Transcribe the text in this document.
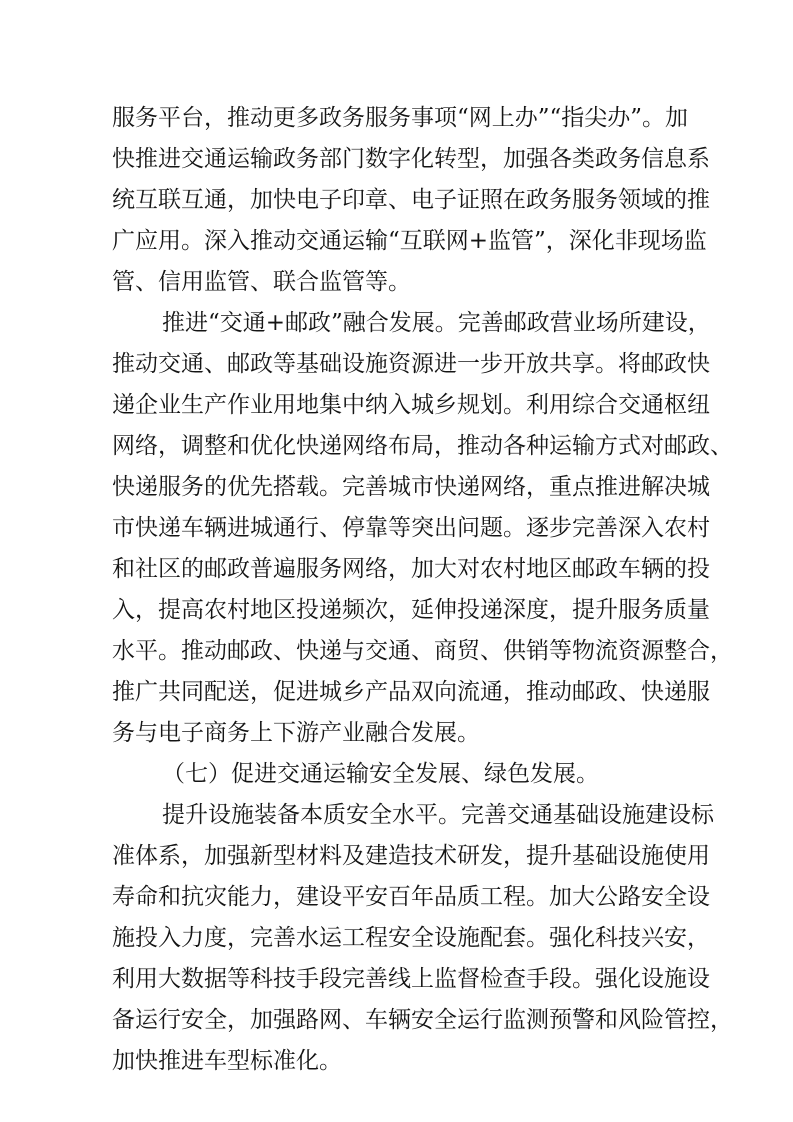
服务平台，推动更多政务服务事项“网上办”“指尖办”。加
快推进交通运输政务部门数字化转型，加强各类政务信息系
统互联互通，加快电子印章、电子证照在政务服务领域的推
广应用。深入推动交通运输“互联网+监管”，深化非现场监
管、信用监管、联合监管等。
推进“交通+邮政”融合发展。完善邮政营业场所建设，
推动交通、邮政等基础设施资源进一步开放共享。将邮政快
递企业生产作业用地集中纳入城乡规划。利用综合交通枢纽
网络，调整和优化快递网络布局，推动各种运输方式对邮政、
快递服务的优先搭载。完善城市快递网络，重点推进解决城
市快递车辆进城通行、停靠等突出问题。逐步完善深入农村
和社区的邮政普遍服务网络，加大对农村地区邮政车辆的投
入，提高农村地区投递频次，延伸投递深度，提升服务质量
水平。推动邮政、快递与交通、商贸、供销等物流资源整合，
推广共同配送，促进城乡产品双向流通，推动邮政、快递服
务与电子商务上下游产业融合发展。
（七）促进交通运输安全发展、绿色发展。
提升设施装备本质安全水平。完善交通基础设施建设标
准体系，加强新型材料及建造技术研发，提升基础设施使用
寿命和抗灾能力，建设平安百年品质工程。加大公路安全设
施投入力度，完善水运工程安全设施配套。强化科技兴安，
利用大数据等科技手段完善线上监督检查手段。强化设施设
备运行安全，加强路网、车辆安全运行监测预警和风险管控，
加快推进车型标准化。
